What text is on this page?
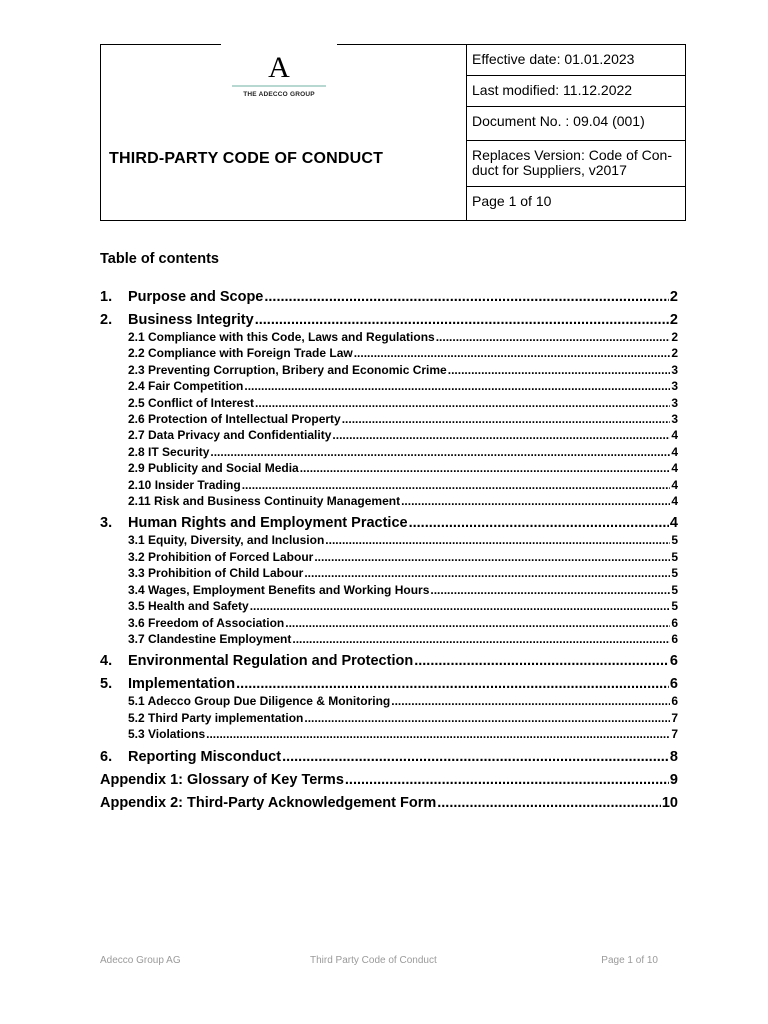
A
THE ADECCO GROUP
THIRD-PARTY CODE OF CONDUCT
Effective date: 01.01.2023
Last modified: 11.12.2022
Document No. : 09.04 (001)
Replaces Version: Code of Con-duct for Suppliers, v2017
Page 1 of 10
Table of contents
1. Purpose and Scope .....	2
2. Business Integrity .....	2
2.1 Compliance with this Code, Laws and Regulations .....	2
2.2 Compliance with Foreign Trade Law .....	2
2.3 Preventing Corruption, Bribery and Economic Crime .....	3
2.4 Fair Competition .....	3
2.5 Conflict of Interest .....	3
2.6 Protection of Intellectual Property .....	3
2.7 Data Privacy and Confidentiality .....	4
2.8 IT Security .....	4
2.9 Publicity and Social Media .....	4
2.10 Insider Trading .....	4
2.11 Risk and Business Continuity Management .....	4
3. Human Rights and Employment Practice .....	4
3.1 Equity, Diversity, and Inclusion .....	5
3.2 Prohibition of Forced Labour .....	5
3.3 Prohibition of Child Labour .....	5
3.4 Wages, Employment Benefits and Working Hours .....	5
3.5 Health and Safety .....	5
3.6 Freedom of Association .....	6
3.7 Clandestine Employment .....	6
4. Environmental Regulation and Protection .....	6
5. Implementation .....	6
5.1 Adecco Group Due Diligence & Monitoring .....	6
5.2 Third Party implementation .....	7
5.3 Violations .....	7
6. Reporting Misconduct .....	8
Appendix 1: Glossary of Key Terms .....	9
Appendix 2: Third-Party Acknowledgement Form .....	10
Adecco Group AG	Third Party Code of Conduct	Page 1 of 10
